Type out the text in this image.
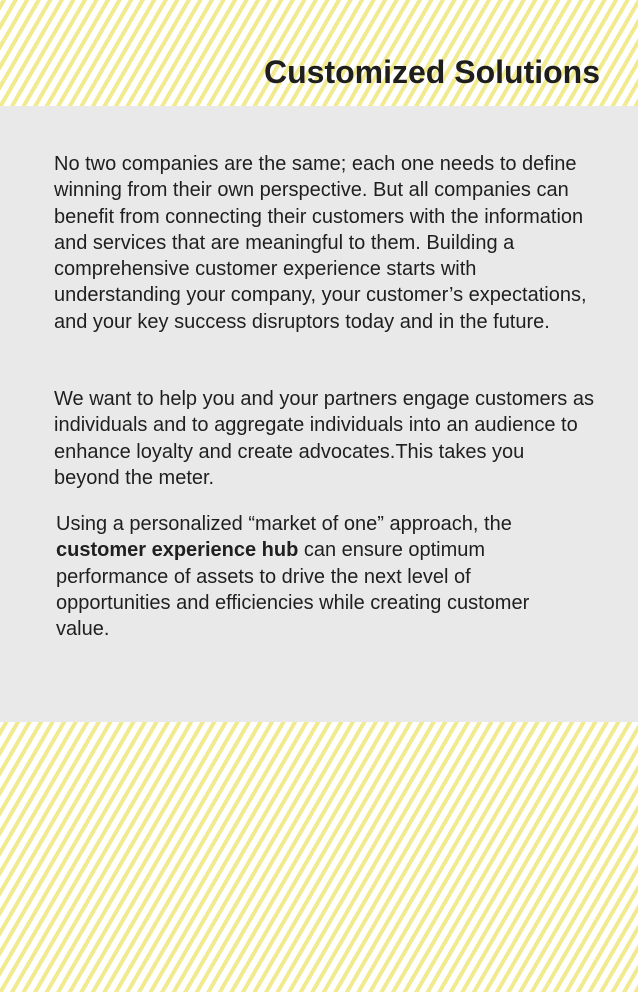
Customized Solutions

No two companies are the same; each one needs to define winning from their own perspective. But all companies can benefit from connecting their customers with the information and services that are meaningful to them. Building a comprehensive customer experience starts with understanding your company, your customer’s expectations, and your key success disruptors today and in the future.

We want to help you and your partners engage customers as individuals and to aggregate individuals into an audience to enhance loyalty and create advocates.This takes you beyond the meter.

Using a personalized “market of one” approach, the customer experience hub can ensure optimum performance of assets to drive the next level of opportunities and efficiencies while creating customer value.
